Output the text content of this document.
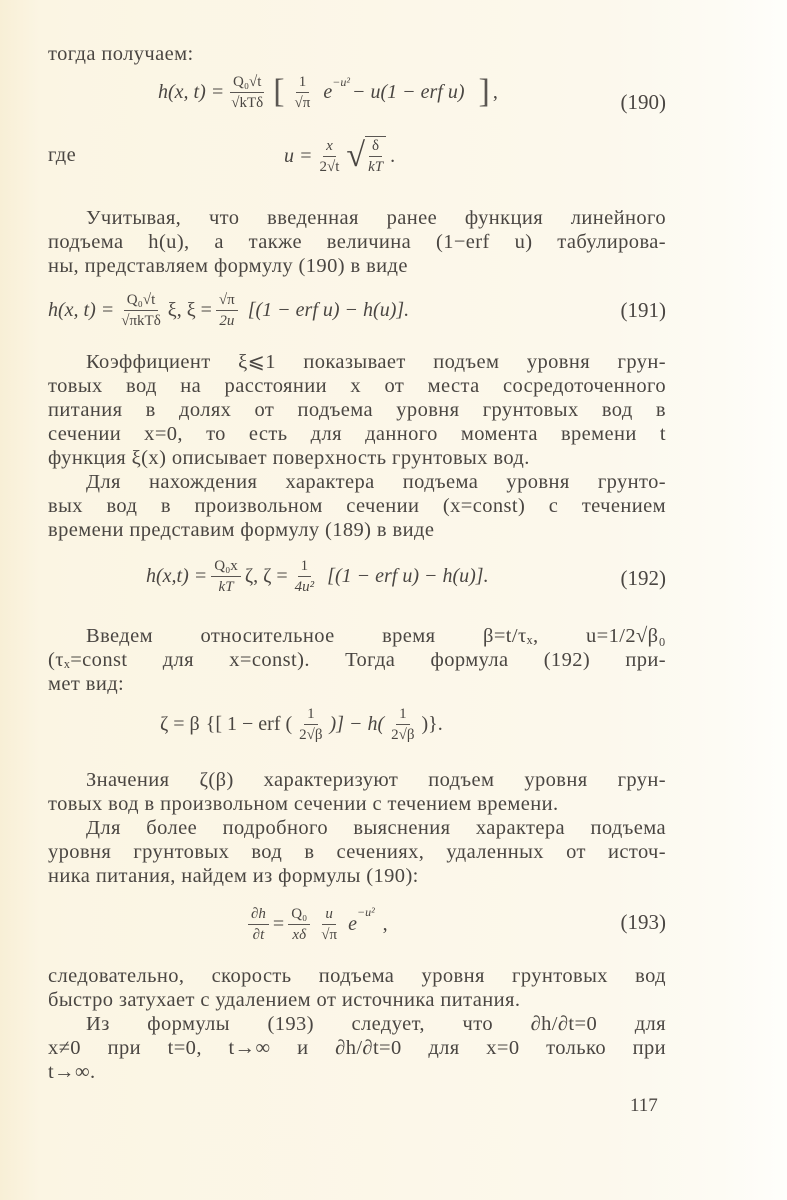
тогда получаем:
h(x, $t) = \frac{\text{Q₀√t}}{\text{√kTδ}}$ [ $\frac{1}{√\pi} e^{-u^2} - u(1$ − erf u) ] ,	(190)
где	$u = \frac{x}{2√t}$ √ $\frac{\delta}{kT}$ .
Учитывая, что введенная ранее функция линейного
подъема h(u), а также величина (1−erf u) табулирова-
ны, представляем формулу (190) в виде
h(x, $t) = \frac{\text{Q₀√t}}{\text{√πkTδ}} \xi$, $\xi = \frac{√\pi}{2u} [(1$ − erf u) − h(u)].	(191)
Коэффициент ξ⩽1 показывает подъем уровня грун-
товых вод на расстоянии x от места сосредоточенного
питания в долях от подъема уровня грунтовых вод в
сечении x=0, то есть для данного момента времени t
функция ξ(x) описывает поверхность грунтовых вод.
Для нахождения характера подъема уровня грунто-
вых вод в произвольном сечении (x=const) с течением
времени представим формулу (189) в виде
$h(x,t) = \frac{\text{Q₀x}}{kT} \zeta$, $\zeta = \frac{1}{\text{4u²}} [(1$ − erf u) − h(u)].	(192)
Введем относительное время β=t/τₓ, u=1/2√β₀
(τₓ=const для x=const). Тогда формула (192) при-
мет вид:
ζ = β {[ 1 − erf ( $\frac{1}{2√\beta}$ )] − $h( \frac{1}{2√\beta}$ )}.
Значения ζ(β) характеризуют подъем уровня грун-
товых вод в произвольном сечении с течением времени.
Для более подробного выяснения характера подъема
уровня грунтовых вод в сечениях, удаленных от источ-
ника питания, найдем из формулы (190):
$\frac{\partial h}{\partial t} = \frac{\text{Q₀}}{x\delta} \frac{u}{√\pi}$ e
$^{-u^2}$
,	(193)
следовательно, скорость подъема уровня грунтовых вод
быстро затухает с удалением от источника питания.
Из формулы (193) следует, что ∂h/∂t=0 для
x≠0 при t=0, t→∞ и ∂h/∂t=0 для x=0 только при
t→∞.
117
